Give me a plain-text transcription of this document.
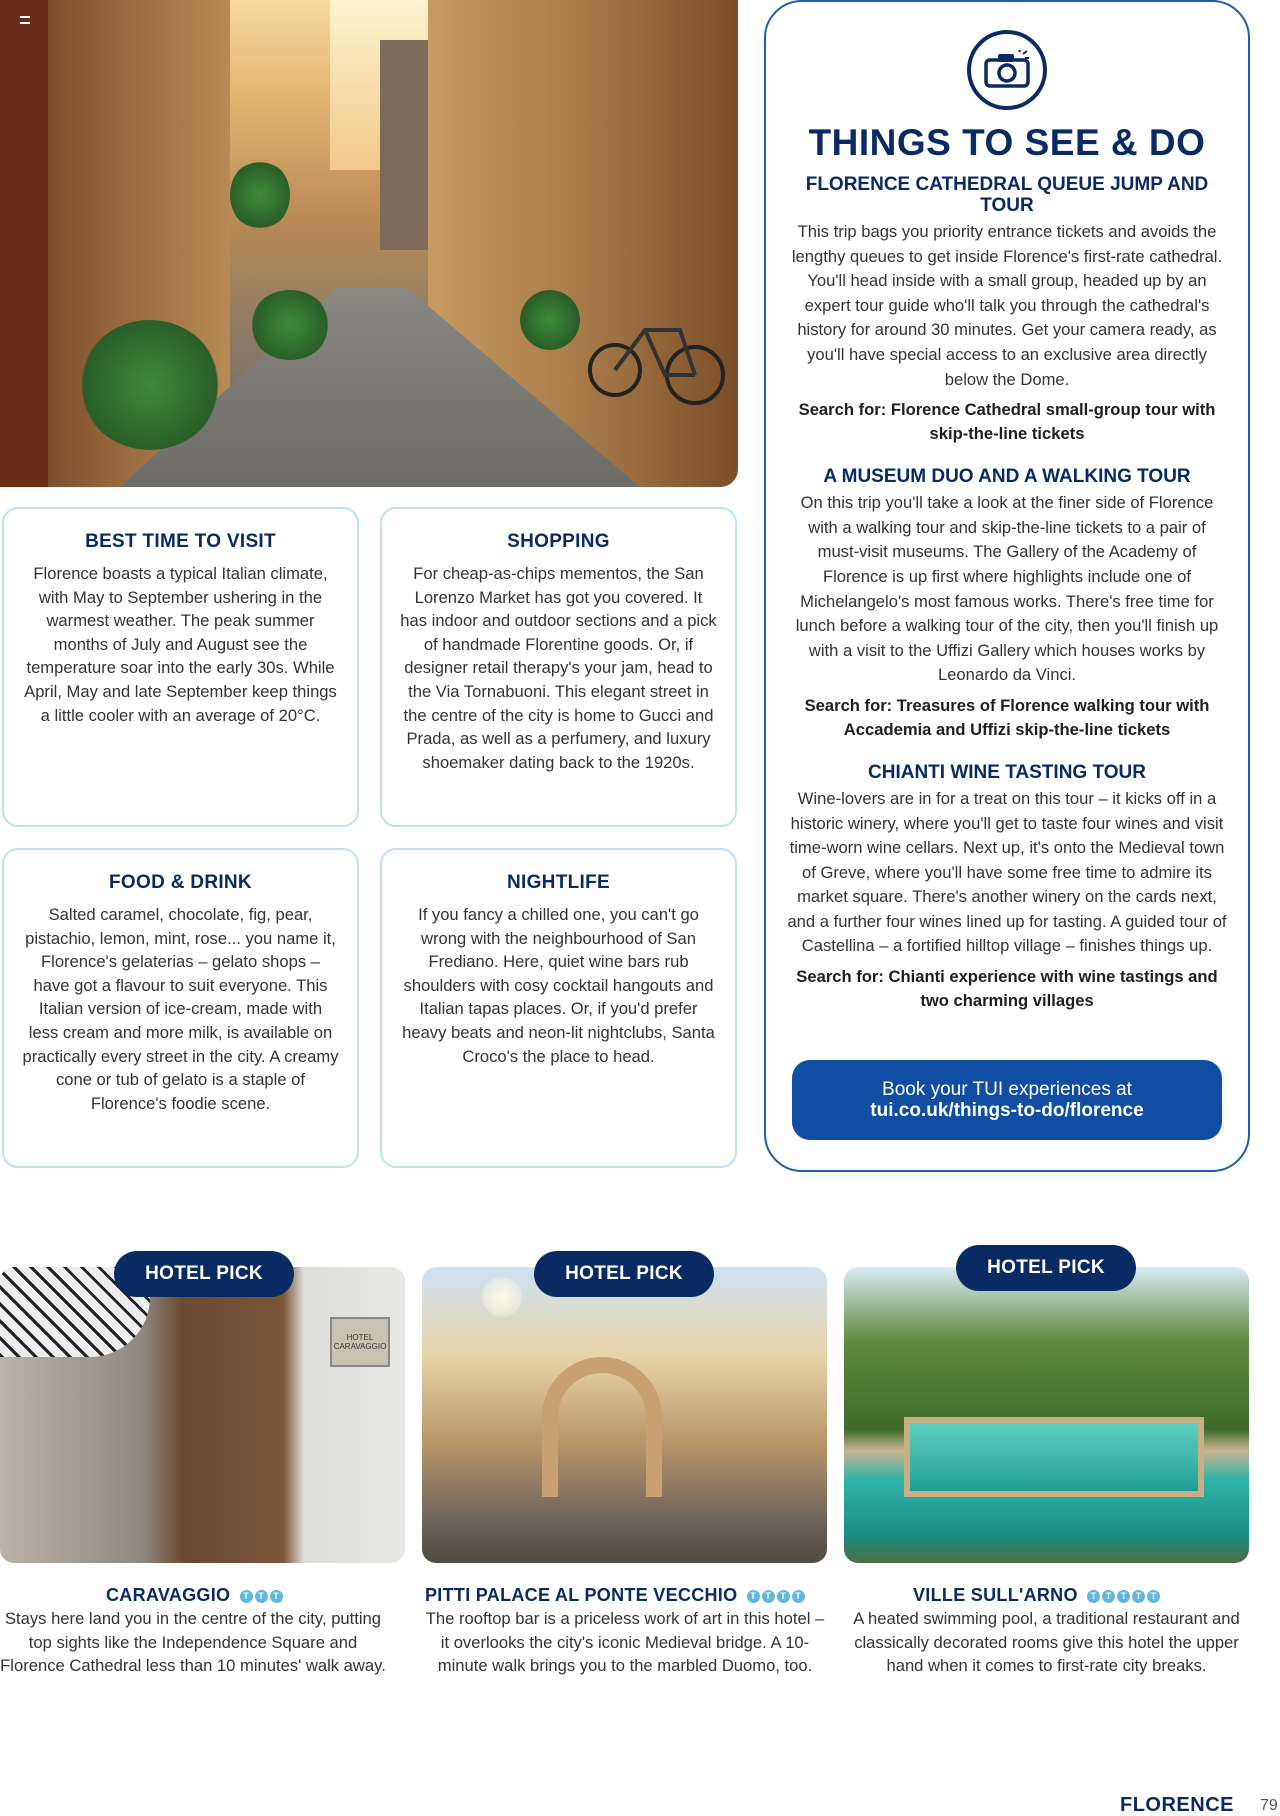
BEST TIME TO VISIT

Florence boasts a typical Italian climate, with May to September ushering in the warmest weather. The peak summer months of July and August see the temperature soar into the early 30s. While April, May and late September keep things a little cooler with an average of 20°C.

SHOPPING

For cheap-as-chips mementos, the San Lorenzo Market has got you covered. It has indoor and outdoor sections and a pick of handmade Florentine goods. Or, if designer retail therapy's your jam, head to the Via Tornabuoni. This elegant street in the centre of the city is home to Gucci and Prada, as well as a perfumery, and luxury shoemaker dating back to the 1920s.

FOOD & DRINK

Salted caramel, chocolate, fig, pear, pistachio, lemon, mint, rose... you name it, Florence's gelaterias – gelato shops – have got a flavour to suit everyone. This Italian version of ice-cream, made with less cream and more milk, is available on practically every street in the city. A creamy cone or tub of gelato is a staple of Florence's foodie scene.

NIGHTLIFE

If you fancy a chilled one, you can't go wrong with the neighbourhood of San Frediano. Here, quiet wine bars rub shoulders with cosy cocktail hangouts and Italian tapas places. Or, if you'd prefer heavy beats and neon-lit nightclubs, Santa Croco's the place to head.

THINGS TO SEE & DO
FLORENCE CATHEDRAL QUEUE JUMP AND TOUR

This trip bags you priority entrance tickets and avoids the lengthy queues to get inside Florence's first-rate cathedral. You'll head inside with a small group, headed up by an expert tour guide who'll talk you through the cathedral's history for around 30 minutes. Get your camera ready, as you'll have special access to an exclusive area directly below the Dome.

Search for: Florence Cathedral small-group tour with skip-the-line tickets

A MUSEUM DUO AND A WALKING TOUR

On this trip you'll take a look at the finer side of Florence with a walking tour and skip-the-line tickets to a pair of must-visit museums. The Gallery of the Academy of Florence is up first where highlights include one of Michelangelo's most famous works. There's free time for lunch before a walking tour of the city, then you'll finish up with a visit to the Uffizi Gallery which houses works by Leonardo da Vinci.

Search for: Treasures of Florence walking tour with Accademia and Uffizi skip-the-line tickets

CHIANTI WINE TASTING TOUR

Wine-lovers are in for a treat on this tour – it kicks off in a historic winery, where you'll get to taste four wines and visit time-worn wine cellars. Next up, it's onto the Medieval town of Greve, where you'll have some free time to admire its market square. There's another winery on the cards next, and a further four wines lined up for tasting. A guided tour of Castellina – a fortified hilltop village – finishes things up.

Search for: Chianti experience with wine tastings and two charming villages

Book your TUI experiences at
tui.co.uk/things-to-do/florence
HOTEL CARAVAGGIO
HOTEL PICK	HOTEL PICK	HOTEL PICK
CARAVAGGIO	T	T	T
Stays here land you in the centre of the city, putting top sights like the Independence Square and Florence Cathedral less than 10 minutes' walk away.
PITTI PALACE AL PONTE VECCHIO	T	T	T	T
The rooftop bar is a priceless work of art in this hotel – it overlooks the city's iconic Medieval bridge. A 10-minute walk brings you to the marbled Duomo, too.
VILLE SULL'ARNO	T	T	T	T	T
A heated swimming pool, a traditional restaurant and classically decorated rooms give this hotel the upper hand when it comes to first-rate city breaks.
FLORENCE 79
